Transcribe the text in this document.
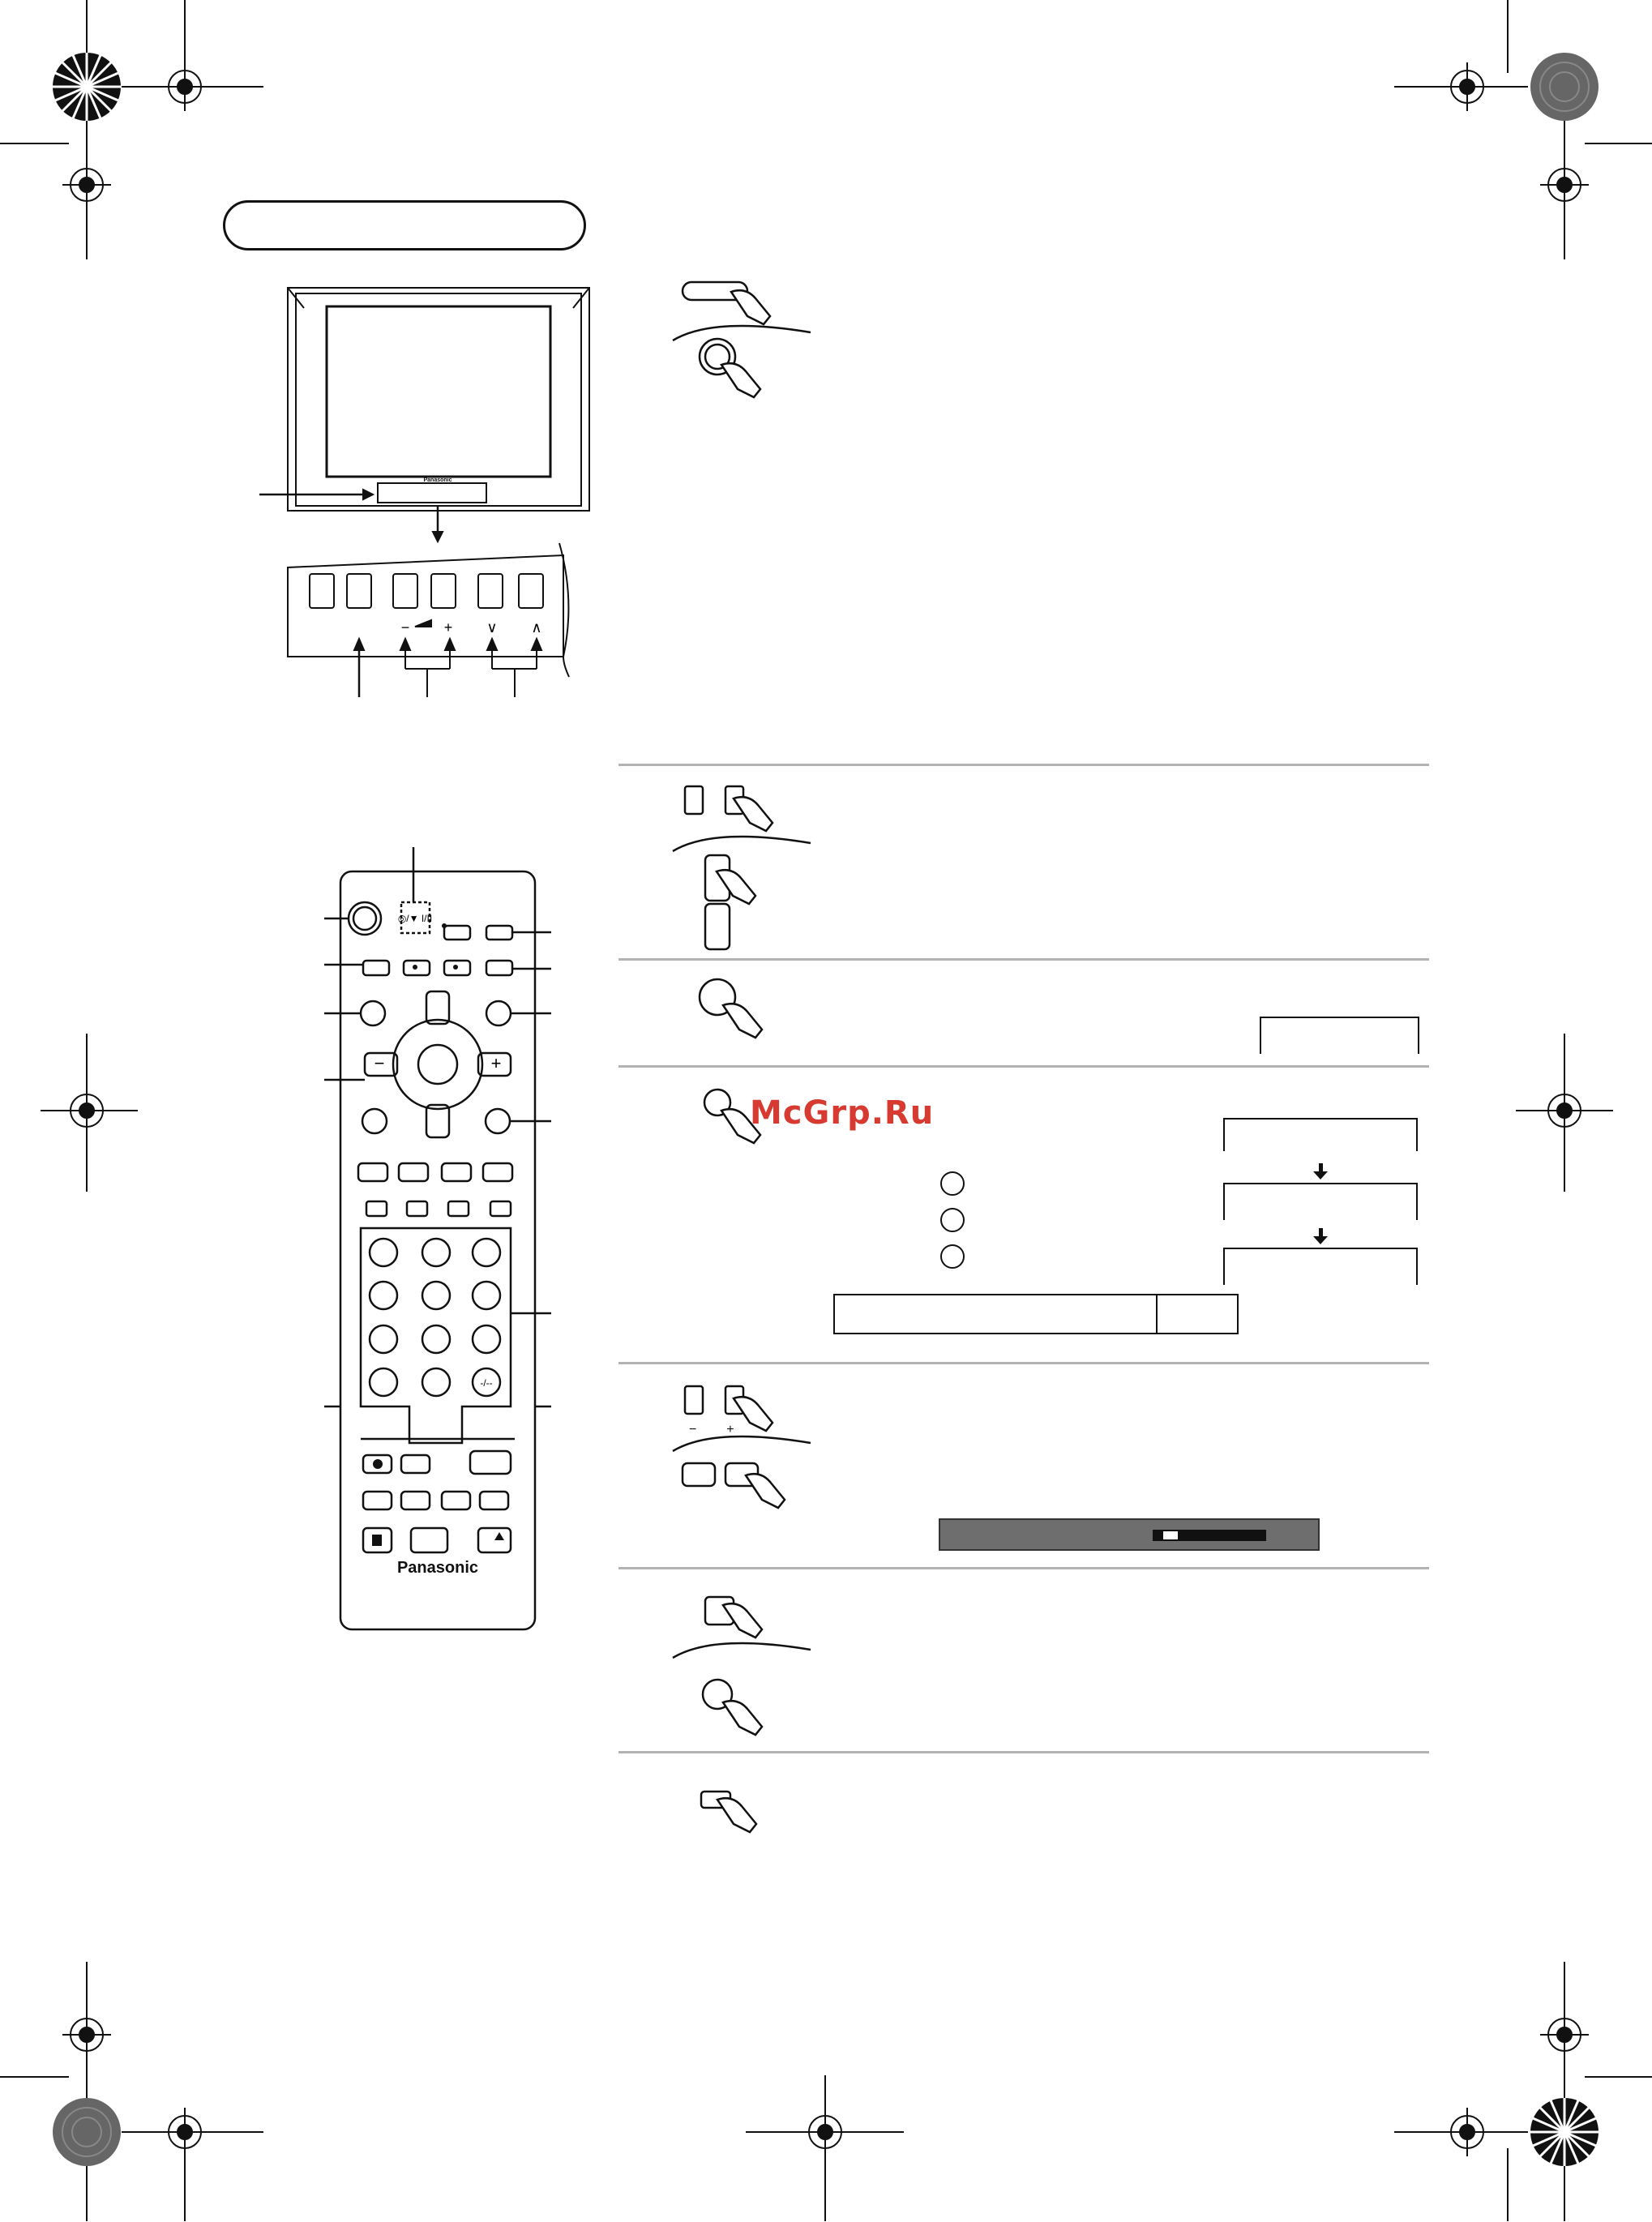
McGrp.Ru
Panasonic
− + ∨ ∧
◎/▼ I/II
+
−
-/--
Panasonic
− +
